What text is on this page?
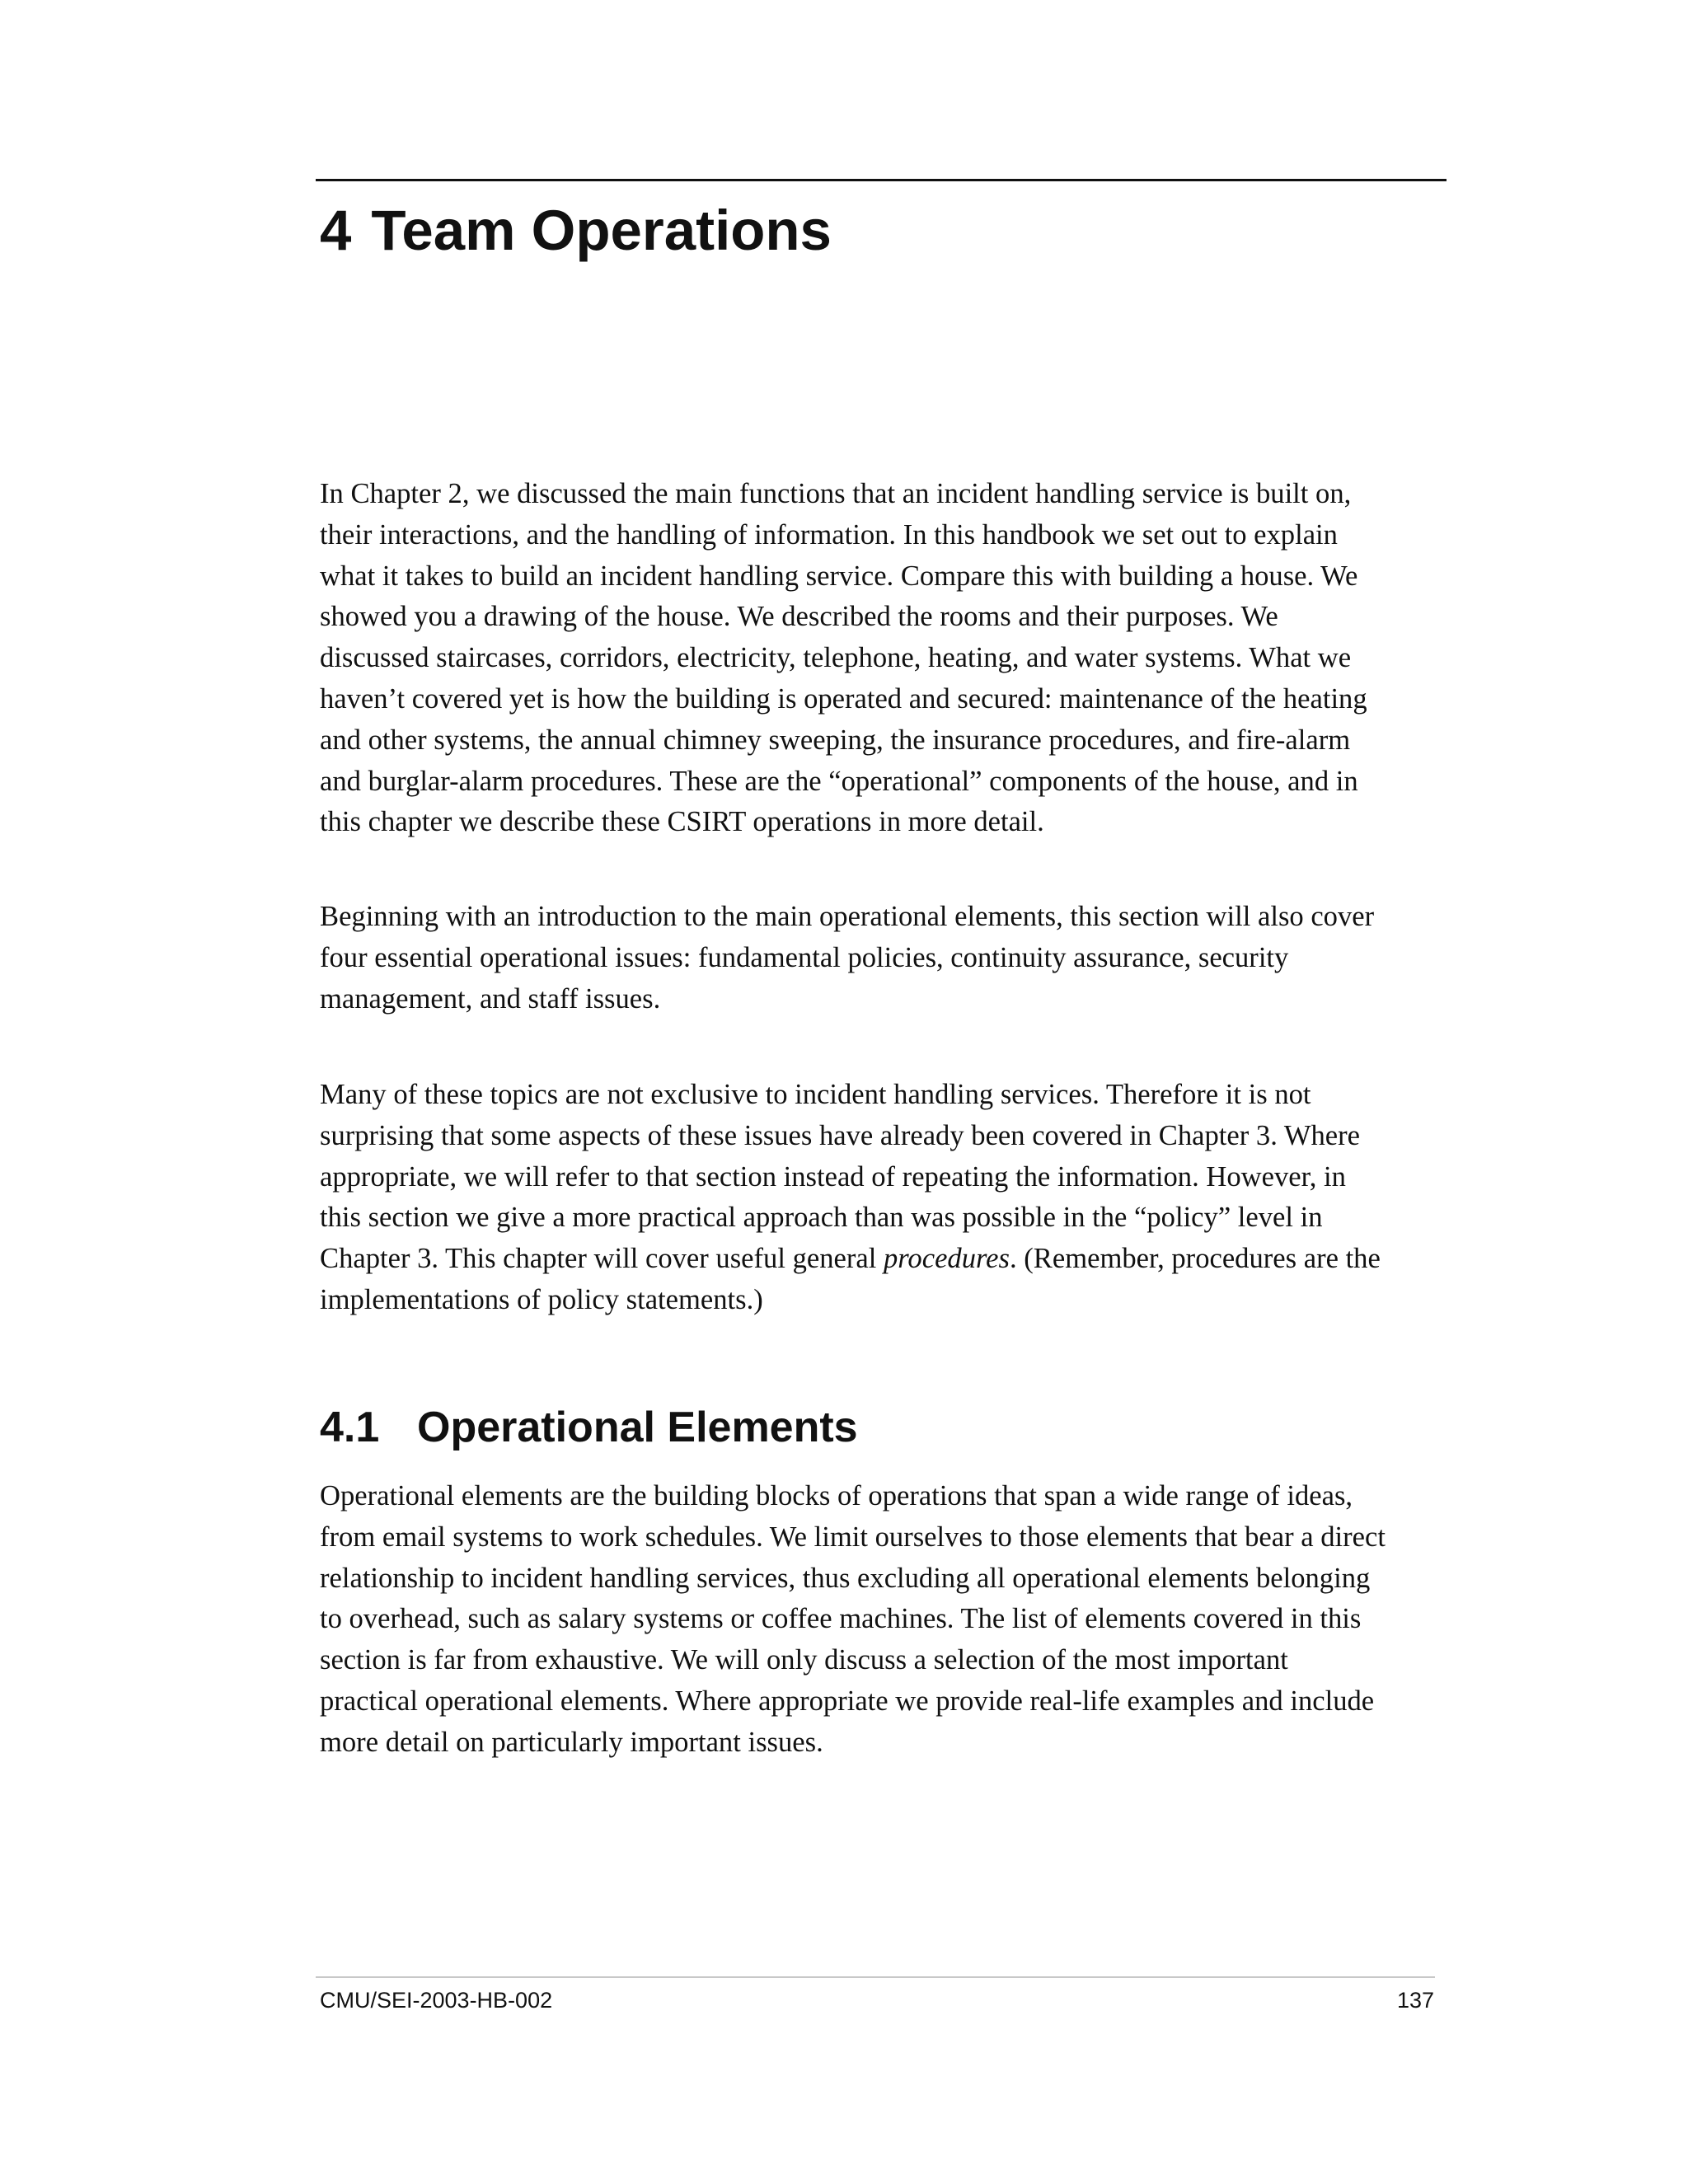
4 Team Operations

In Chapter 2, we discussed the main functions that an incident handling service is built on,
their interactions, and the handling of information. In this handbook we set out to explain
what it takes to build an incident handling service. Compare this with building a house. We
showed you a drawing of the house. We described the rooms and their purposes. We
discussed staircases, corridors, electricity, telephone, heating, and water systems. What we
haven’t covered yet is how the building is operated and secured: maintenance of the heating
and other systems, the annual chimney sweeping, the insurance procedures, and fire-alarm
and burglar-alarm procedures. These are the “operational” components of the house, and in
this chapter we describe these CSIRT operations in more detail.

Beginning with an introduction to the main operational elements, this section will also cover
four essential operational issues: fundamental policies, continuity assurance, security
management, and staff issues.

Many of these topics are not exclusive to incident handling services. Therefore it is not
surprising that some aspects of these issues have already been covered in Chapter 3. Where
appropriate, we will refer to that section instead of repeating the information. However, in
this section we give a more practical approach than was possible in the “policy” level in
Chapter 3. This chapter will cover useful general procedures. (Remember, procedures are the
implementations of policy statements.)

4.1 Operational Elements

Operational elements are the building blocks of operations that span a wide range of ideas,
from email systems to work schedules. We limit ourselves to those elements that bear a direct
relationship to incident handling services, thus excluding all operational elements belonging
to overhead, such as salary systems or coffee machines. The list of elements covered in this
section is far from exhaustive. We will only discuss a selection of the most important
practical operational elements. Where appropriate we provide real-life examples and include
more detail on particularly important issues.

CMU/SEI-2003-HB-002	137
